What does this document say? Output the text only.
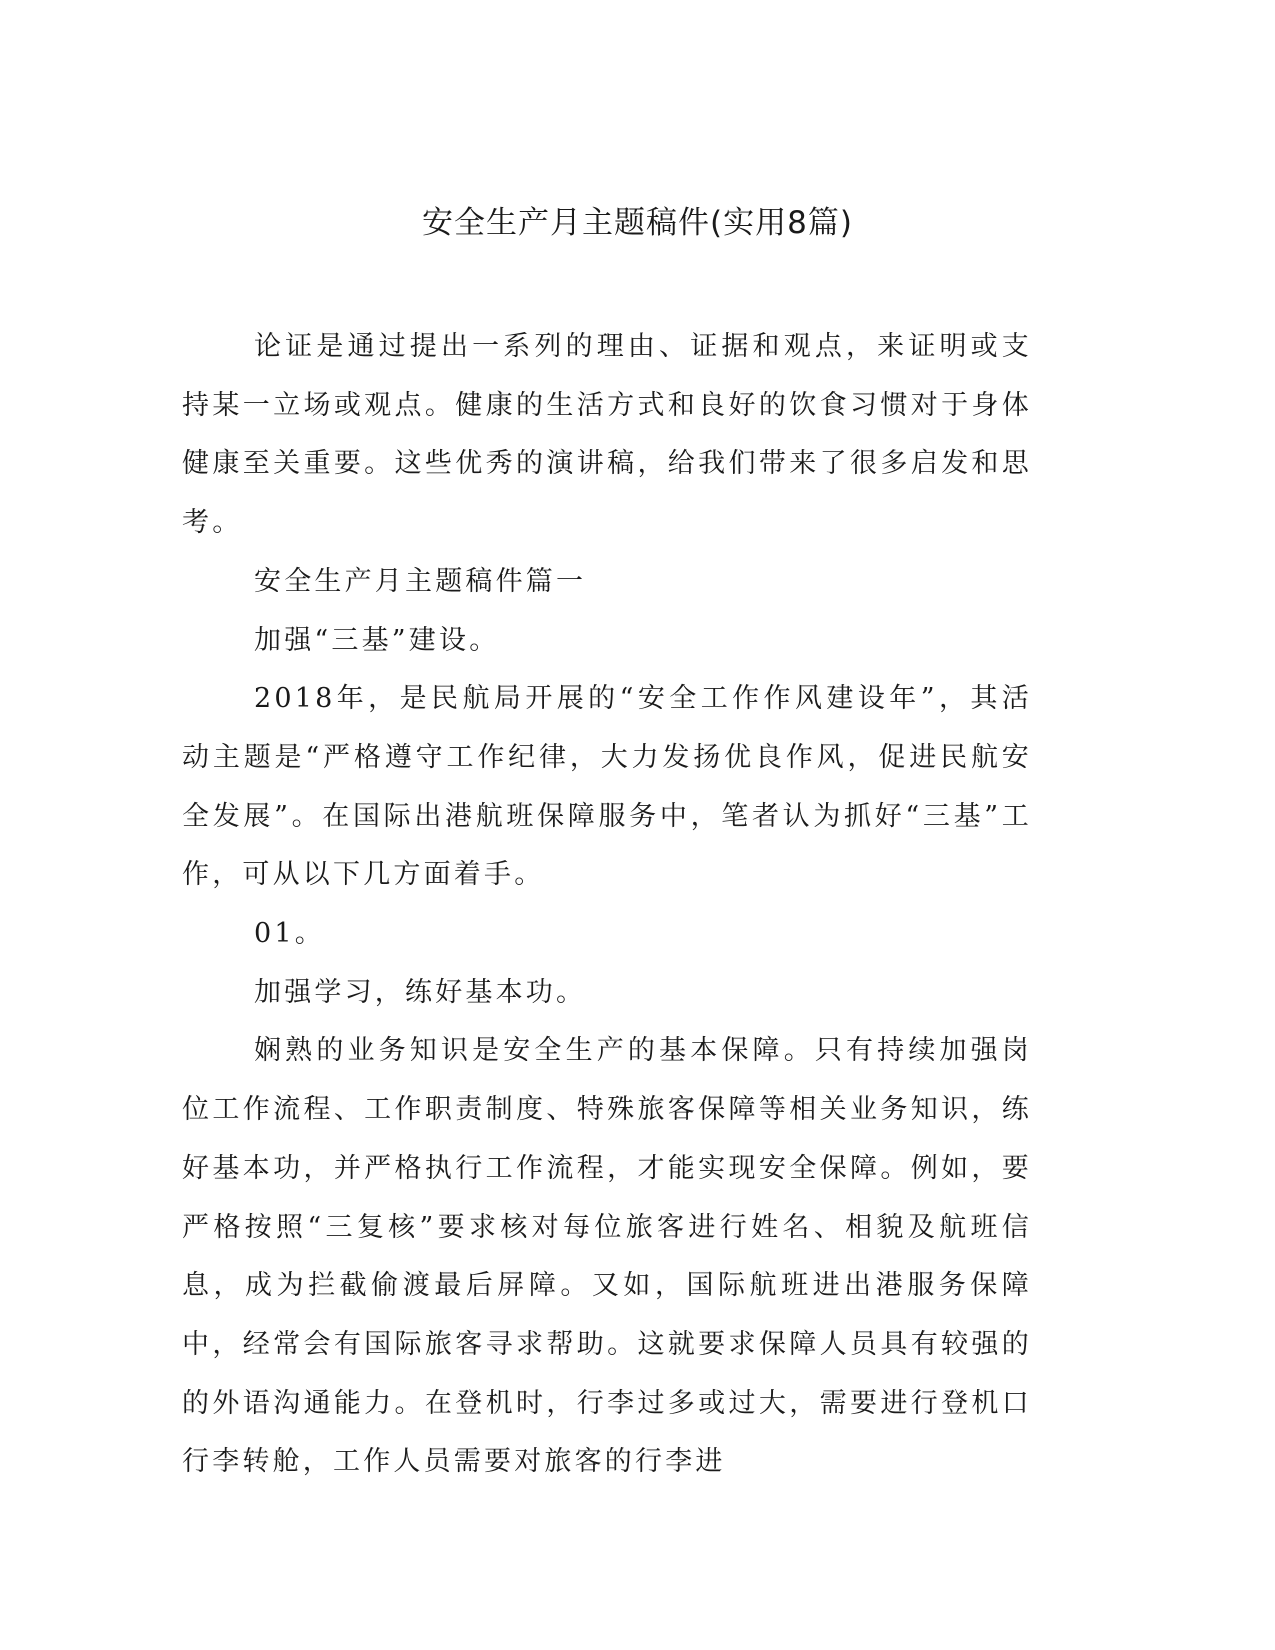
安全生产月主题稿件(实用8篇)

论证是通过提出一系列的理由、证据和观点，来证明或支持某一立场或观点。健康的生活方式和良好的饮食习惯对于身体健康至关重要。这些优秀的演讲稿，给我们带来了很多启发和思考。

安全生产月主题稿件篇一

加强“三基”建设。

2018年，是民航局开展的“安全工作作风建设年”，其活动主题是“严格遵守工作纪律，大力发扬优良作风，促进民航安全发展”。在国际出港航班保障服务中，笔者认为抓好“三基”工作，可从以下几方面着手。

01。

加强学习，练好基本功。

娴熟的业务知识是安全生产的基本保障。只有持续加强岗位工作流程、工作职责制度、特殊旅客保障等相关业务知识，练好基本功，并严格执行工作流程，才能实现安全保障。例如，要严格按照“三复核”要求核对每位旅客进行姓名、相貌及航班信息，成为拦截偷渡最后屏障。又如，国际航班进出港服务保障中，经常会有国际旅客寻求帮助。这就要求保障人员具有较强的的外语沟通能力。在登机时，行李过多或过大，需要进行登机口行李转舱，工作人员需要对旅客的行李进
